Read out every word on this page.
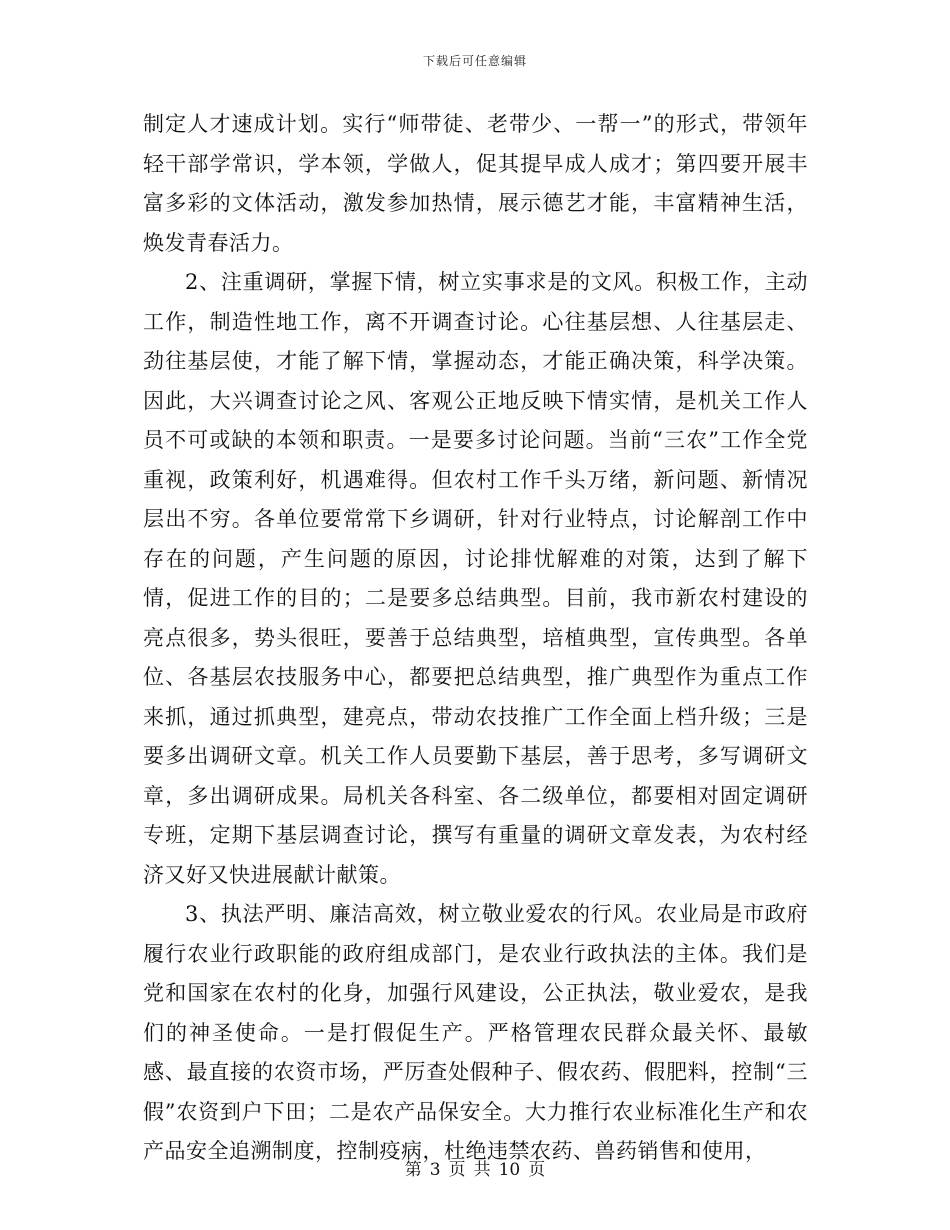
下载后可任意编辑

制定人才速成计划。实行“师带徒、老带少、一帮一”的形式，带领年轻干部学常识，学本领，学做人，促其提早成人成才；第四要开展丰富多彩的文体活动，激发参加热情，展示德艺才能，丰富精神生活，焕发青春活力。

2、注重调研，掌握下情，树立实事求是的文风。积极工作，主动工作，制造性地工作，离不开调查讨论。心往基层想、人往基层走、劲往基层使，才能了解下情，掌握动态，才能正确决策，科学决策。因此，大兴调查讨论之风、客观公正地反映下情实情，是机关工作人员不可或缺的本领和职责。一是要多讨论问题。当前“三农”工作全党重视，政策利好，机遇难得。但农村工作千头万绪，新问题、新情况层出不穷。各单位要常常下乡调研，针对行业特点，讨论解剖工作中存在的问题，产生问题的原因，讨论排忧解难的对策，达到了解下情，促进工作的目的；二是要多总结典型。目前，我市新农村建设的亮点很多，势头很旺，要善于总结典型，培植典型，宣传典型。各单位、各基层农技服务中心，都要把总结典型，推广典型作为重点工作来抓，通过抓典型，建亮点，带动农技推广工作全面上档升级；三是要多出调研文章。机关工作人员要勤下基层，善于思考，多写调研文章，多出调研成果。局机关各科室、各二级单位，都要相对固定调研专班，定期下基层调查讨论，撰写有重量的调研文章发表，为农村经济又好又快进展献计献策。

3、执法严明、廉洁高效，树立敬业爱农的行风。农业局是市政府履行农业行政职能的政府组成部门，是农业行政执法的主体。我们是党和国家在农村的化身，加强行风建设，公正执法，敬业爱农，是我们的神圣使命。一是打假促生产。严格管理农民群众最关怀、最敏感、最直接的农资市场，严厉查处假种子、假农药、假肥料，控制“三假”农资到户下田；二是农产品保安全。大力推行农业标准化生产和农产品安全追溯制度，控制疫病，杜绝违禁农药、兽药销售和使用，

第 3 页 共 10 页
